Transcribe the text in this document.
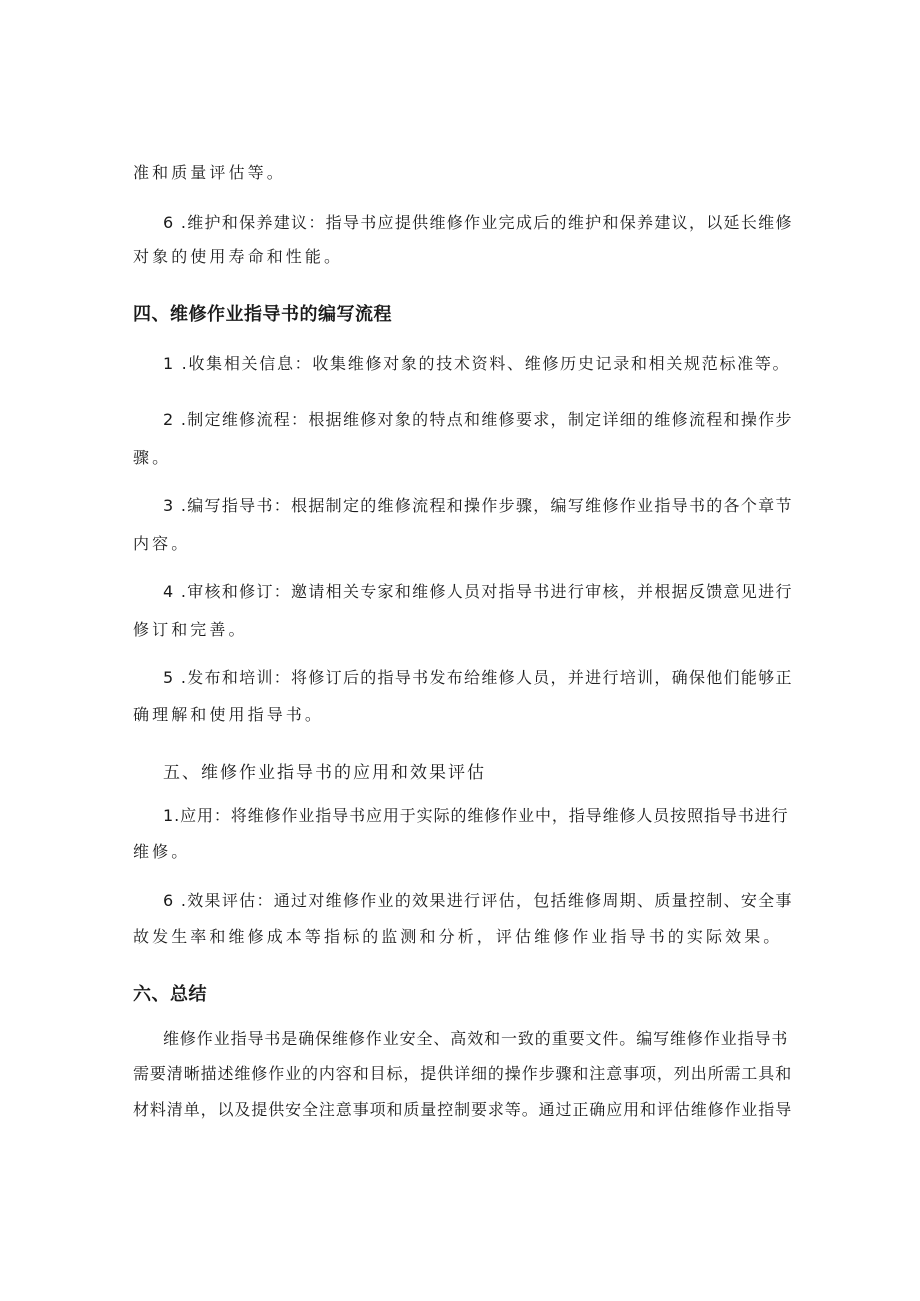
准和质量评估等。
6 .维护和保养建议：指导书应提供维修作业完成后的维护和保养建议，以延长维修
对象的使用寿命和性能。
四、维修作业指导书的编写流程
1 .收集相关信息：收集维修对象的技术资料、维修历史记录和相关规范标准等。
2 .制定维修流程：根据维修对象的特点和维修要求，制定详细的维修流程和操作步
骤。
3 .编写指导书：根据制定的维修流程和操作步骤，编写维修作业指导书的各个章节
内容。
4 .审核和修订：邀请相关专家和维修人员对指导书进行审核，并根据反馈意见进行
修订和完善。
5 .发布和培训：将修订后的指导书发布给维修人员，并进行培训，确保他们能够正
确理解和使用指导书。
五、维修作业指导书的应用和效果评估
1.应用：将维修作业指导书应用于实际的维修作业中，指导维修人员按照指导书进行
维修。
6 .效果评估：通过对维修作业的效果进行评估，包括维修周期、质量控制、安全事
故发生率和维修成本等指标的监测和分析，评估维修作业指导书的实际效果。
六、总结
维修作业指导书是确保维修作业安全、高效和一致的重要文件。编写维修作业指导书
需要清晰描述维修作业的内容和目标，提供详细的操作步骤和注意事项，列出所需工具和
材料清单，以及提供安全注意事项和质量控制要求等。通过正确应用和评估维修作业指导
